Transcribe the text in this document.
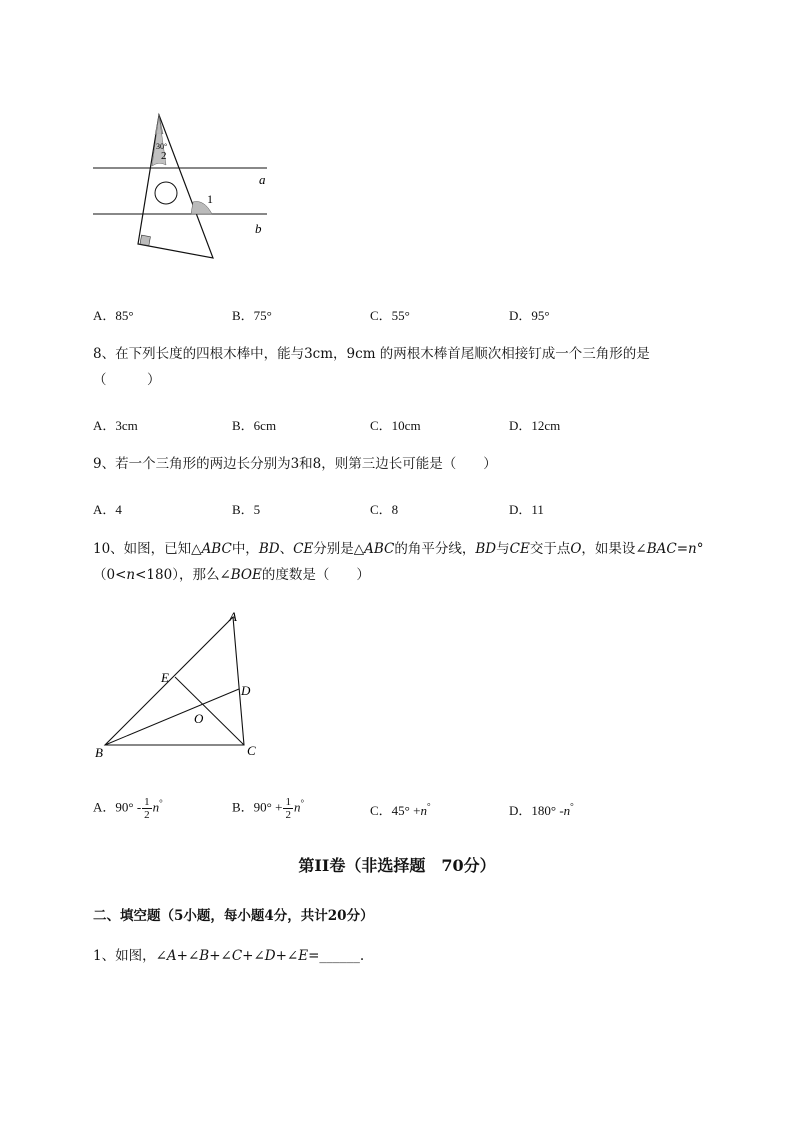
30°
2
1
a
b
A．85°	B．75°	C．55°	D．95°
8、在下列长度的四根木棒中，能与3cm，9cm 的两根木棒首尾顺次相接钉成一个三角形的是
（　　　）
A．3cm	B．6cm	C．10cm	D．12cm
9、若一个三角形的两边长分别为3和8，则第三边长可能是（　　）
A．4	B．5	C．8	D．11
10、如图，已知△ABC中，BD、CE分别是△ABC的角平分线，BD与CE交于点O，如果设∠BAC=n°
（0<n<180），那么∠BOE的度数是（　　）
A
B	C
D
E
O
A．$90^\circ - \frac{1}{2} n^\circ$	B．$90^\circ + \frac{1}{2} n^\circ$	C．45° +n°	D．180° -n°
第II卷（非选择题　70分）
二、填空题（5小题，每小题4分，共计20分）
1、如图，∠A+∠B+∠C+∠D+∠E=______.
